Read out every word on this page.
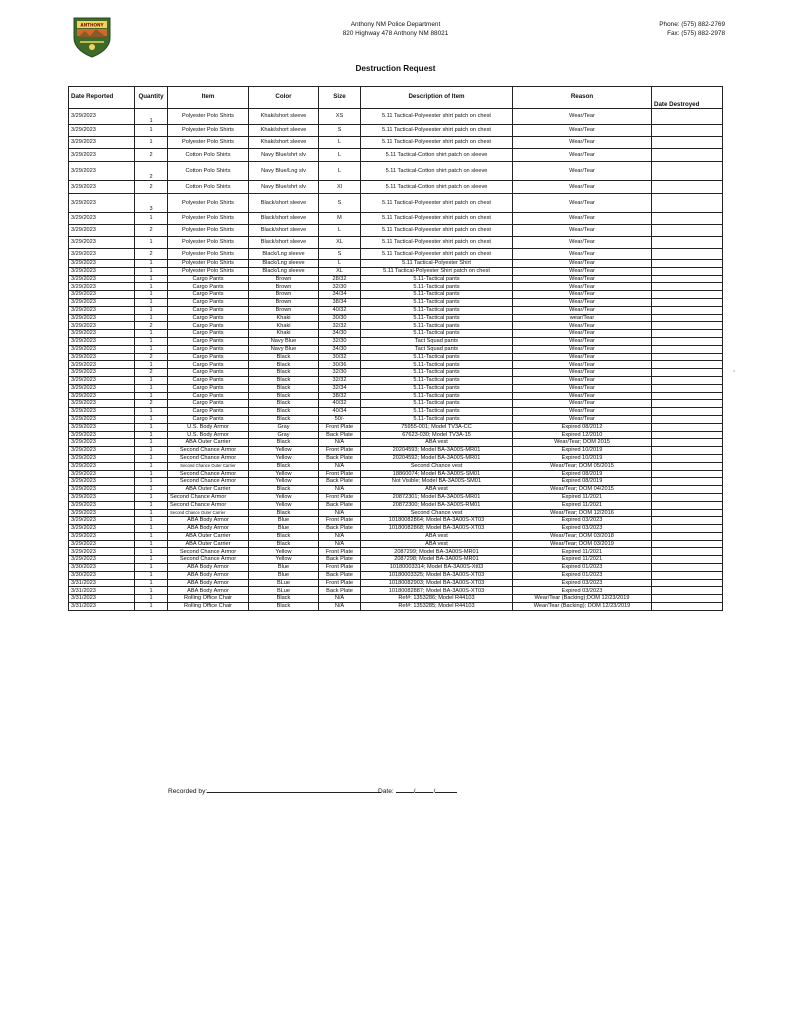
ANTHONY	Anthony NM Police Department
820 Highway 478 Anthony NM 88021
Phone: (575) 882-2769
Fax: (575) 882-2978
Destruction Request
Date Reported	Quantity	Item	Color	Size	Description of Item	Reason	Date Destroyed
3/29/2023	1	Polyester Polo Shirts	Khaki/short sleeve	XS	5.11 Tactical-Polyeester shirt patch on chest	Wear/Tear	
3/29/2023	1	Polyester Polo Shirts	Khaki/short sleeve	S	5.11 Tactical-Polyeester shirt patch on chest	Wear/Tear	
3/29/2023	1	Polyester Polo Shirts	Khaki/short sleeve	L	5.11 Tactical-Polyeester shirt patch on chest	Wear/Tear	
3/29/2023	2	Cotton Polo Shirts	Navy Blue/shrt slv	L	5.11 Tactical-Cotton shirt patch on sleeve	Wear/Tear	
3/29/2023	2	Cotton Polo Shirts	Navy Blue/Lng slv	L	5.11 Tactical-Cotton shirt patch on sleeve	Wear/Tear	
3/29/2023	2	Cotton Polo Shirts	Navy Blue/shrt slv	Xl	5.11 Tactical-Cotton shirt patch on sleeve	Wear/Tear	
3/29/2023	3	Polyester Polo Shirts	Black/short sleeve	S	5.11 Tactical-Polyeester shirt patch on chest	Wear/Tear	
3/29/2023	1	Polyester Polo Shirts	Black/short sleeve	M	5.11 Tactical-Polyeester shirt patch on chest	Wear/Tear	
3/29/2023	2	Polyester Polo Shirts	Black/short sleeve	L	5.11 Tactical-Polyeester shirt patch on chest	Wear/Tear	
3/29/2023	1	Polyester Polo Shirts	Black/short sleeve	XL	5.11 Tactical-Polyeester shirt patch on chest	Wear/Tear	
3/29/2023	2	Polyester Polo Shirts	Black/Lng sleeve	S	5.11 Tactical-Polyeester shirt patch on chest	Wear/Tear	
3/29/2023	1	Polyester Polo Shirts	Black/Lng sleeve	L	5.11 Tactical-Polyester Shirt	Wear/Tear	
3/29/2023	1	Polyester Polo Shirts	Black/Lng sleeve	XL	5.11 Tactical-Polyester Shirt patch on chest	Wear/Tear	
3/29/2023	1	Cargo Pants	Brown	28/32	5.11-Tactical pants	Wear/Tear	
3/29/2023	1	Cargo Pants	Brown	32/30	5.11-Tactical pants	Wear/Tear	
3/29/2023	1	Cargo Pants	Brown	34/34	5.11-Tactical pants	Wear/Tear	
3/29/2023	1	Cargo Pants	Brown	38/34	5.11-Tactical pants	Wear/Tear	
3/29/2023	1	Cargo Pants	Brown	40/32	5.11-Tactical pants	Wear/Tear	
3/29/2023	1	Cargo Pants	Khaki	30/30	5.11-Tactical pants	wear/Tear	
3/29/2023	2	Cargo Pants	Khaki	32/32	5.11-Tactical pants	Wear/Tear	
3/29/2023	1	Cargo Pants	Khaki	34/30	5.11-Tactical pants	Wear/Tear	
3/29/2023	1	Cargo Pants	Navy Blue	32/30	Tact Squad pants	Wear/Tear	
3/29/2023	1	Cargo Pants	Navy Blue	34/30	Tact Squad pants	Wear/Tear	
3/29/2023	2	Cargo Pants	Black	30/32	5.11-Tactical pants	Wear/Tear	
3/29/2023	1	Cargo Pants	Black	30/36	5.11-Tactical pants	Wear/Tear	
3/29/2023	2	Cargo Pants	Black	32/30	5.11-Tactical pants	Wear/Tear	
3/29/2023	1	Cargo Pants	Black	32/32	5.11-Tactical pants	Wear/Tear	
3/29/2023	1	Cargo Pants	Black	32/34	5.11-Tactical pants	Wear/Tear	
3/29/2023	1	Cargo Pants	Black	38/32	5.11-Tactical pants	Wear/Tear	
3/29/2023	2	Cargo Pants	Black	40/32	5.11-Tactical pants	Wear/Tear	
3/29/2023	1	Cargo Pants	Black	40/34	5.11-Tactical pants	Wear/Tear	
3/29/2023	1	Cargo Pants	Black	50/-	5.11-Tactical pants	Wear/Tear	
3/29/2023	1	U.S. Body Armor	Gray	Front Plate	75955-001; Model TV3A-CC	Expired 08/2012	
3/29/2023	1	U.S. Body Armor	Gray	Back Plate	67623-030; Model TV3A-15	Expired 12/2010	
3/29/2023	1	ABA Outer Carrier	Black	N/A	ABA vest	Wear/Tear; DOM 2015	
3/29/2023	1	Second Chance Armor	Yellow	Front Plate	20204593; Model BA-3A00S-MR01	Expired 10/2019	
3/29/2023	1	Second Chance Armor	Yellow	Back Plate	20204592; Model BA-3A00S-MR01	Expired 10/2019	
3/29/2023	1	Second Chance Outer Carrier	Black	N/A	Second Chance vest	Wear/Tear; DOM 05/2015	
3/29/2023	1	Second Chance Armor	Yellow	Front Plate	18860074; Model BA-3A00S-SM01	Expired 08/2019	
3/29/2023	1	Second Chance Armor	Yellow	Back Plate	Not Visible; Model BA-3A00S-SM01	Expired 08/2019	
3/29/2023	1	ABA Outer Carrier	Black	N/A	ABA vest	Wear/Tear; DOM 04/2015	
3/29/2023	1	Second Chance Armor	Yellow	Front Plate	20872301; Model BA-3A00S-MR01	Expired 11/2021	
3/29/2023	1	Second Chance Armor	Yellow	Back Plate	20872300; Model BA-3A00S-RM01	Expired 11/2021	
3/29/2023	1	Second Chance Outer Carrier	Black	N/A	Second Chance vest	Wear/Tear; DOM 12/2016	
3/29/2023	1	ABA Body Armor	Blue	Front Plate	10180082864; Model BA-3A00S-XT03	Expired 03/2023	
3/29/2023	1	ABA Body Armor	Blue	Back Plate	10180082868; Model BA-3A00S-XT03	Expired 03/2023	
3/29/2023	1	ABA Outer Carrier	Black	N/A	ABA vest	Wear/Tear; DOM 03/2018	
3/29/2023	1	ABA Outer Carrier	Black	N/A	ABA vest	Wear/Tear; DOM 03/2019	
3/29/2023	1	Second Chance Armor	Yellow	Front Plate	2087299; Model BA-3A00S-MR01	Expired 11/2021	
3/29/2023	1	Second Chance Armor	Yellow	Back Plate	2087298; Model BA-3A00S-MR01	Expired 11/2021	
3/30/2023	1	ABA Body Armor	Blue	Front Plate	10180003314; Model BA-3A00S-Xt03	Expired 01/2023	
3/30/2023	1	ABA Body Armor	Blue	Back Plate	10180003325; Model BA-3A00S-XT03	Expired 01/2023	
3/31/2023	1	ABA Body Armor	BLue	Front Plate	10180082903; Model BA-3A00S-XT03	Expired 03/2023	
3/31/2023	1	ABA Body Armor	BLue	Back Plate	10180082887; Model BA-3A00S-XT03	Expired 03/2023	
3/31/2023	1	Rolling Office Chair	Black	N/A	Ref#: 1353286; Model R44103	Wear/Tear (Backing);DOM 12/23/2019	
3/31/2023	1	Rolling Office Chair	Black	N/A	Ref#: 1353285; Model R44103	Wear/Tear (Backing); DOM 12/23/2019	
Recorded by:	Date:	/	/
